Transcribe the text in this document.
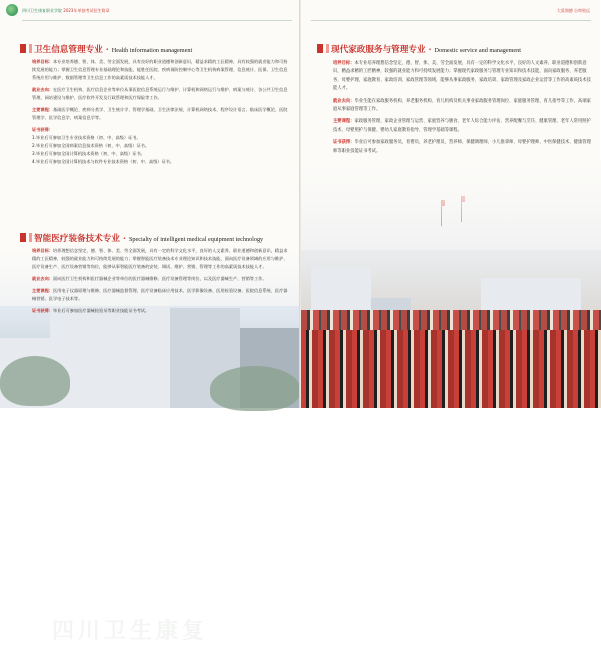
四川卫生康复职业学院 2023年单独考试招生简章
四川卫生康复
卫生信息管理专业 · Health information management

培养目标：本专业培养德、智、体、美、劳全面发展，具有良好的职业道德和创新意识，精益求精的工匠精神，具有较强的就业能力和可持续发展的能力；掌握卫生信息管理专业基础理论和技能，能胜任医院、疾病预防控制中心等卫生机构病案管理、信息统计、医保、卫生信息系统应用与维护、数据管理等卫生信息工作的高素质技术技能人才。

就业去向：在医疗卫生机构、医疗信息企业等单位从事医院信息系统运行与维护、计算机和网络运行与维护、病案与统计、各公共卫生信息管理、网站建设与维护、医疗软件开发及行政管理和医疗保险等工作。

主要课程：基础医学概论、疾病分类学、卫生统计学、管理学基础、卫生法律法规、计算机网络技术、程序设计语言、临床医学概论、医院管理学、医学信息学、病案信息学等。

证书获得：
1.毕业后可参加卫生专业技术资格（初、中、高级）证书。

2.毕业后可参加全国病案信息技术资格（初、中、高级）证书。

3.毕业后可参加全国计算机技术资格（初、中、高级）证书。

4.毕业后可参加全国计算机技术与软件专业技术资格（初、中、高级）证书。

智能医疗装备技术专业 · Specialty of intelligent medical equipment technology

培养目标：培养理想信念坚定，德、智、体、美、劳全面发展，具有一定的科学文化水平，良好的人文素养、职业道德和创新意识，精益求精的工匠精神，较强的就业能力和可持续发展的能力；掌握智能医疗装备技术专业理论知识和技术技能，面向医疗设备领域的应用与维护、医疗设备生产、医疗设备营销等岗位，能够从事智能医疗装备的安装、调试、维护、营销、管理等工作的高素质技术技能人才。

就业去向：面向医疗卫生机构和医疗器械企业等单位的医疗器械维修、医疗设备管理等岗位，以及医疗器械生产、营销等工作。

主要课程：医用电子仪器原理与维修、医疗器械监督管理、医疗设备临床应用技术、医学影像设备、医用检验设备、医院信息系统、医疗器械营销、医学电子技术等。

证书获得：毕业后可参加医疗器械检验员等职业技能证书考试。

大爱润德 自卑致远
现代家政服务与管理专业 · Domestic service and management

培养目标：本专业培养理想信念坚定，德、智、体、美、劳全面发展，具有一定的科学文化水平，良好的人文素养、职业道德和创新意识，精益求精的工匠精神，较强的就业能力和可持续发展能力；掌握现代家政服务与管理专业知识和技术技能，面向家政服务、养老服务、母婴护理、家庭教育、家政培训、家政管理等领域，能够从事家政服务、家政培训、家政管理及家政企业运营等工作的高素质技术技能人才。

就业去向：毕业生能在家政服务机构、养老服务机构、育儿机构及机关事业家政服务管理岗位、家庭服务管理、育儿指导等工作，高端家庭从事家庭管理等工作。

主要课程：家政服务管理、家政企业管理与运营、家庭营养与膳食、老年人综合能力评估、营养配餐与烹饪、健康管理、老年人常用照护技术、母婴照护与保健、婴幼儿家庭教育指导、管理学基础等课程。

证书获得：毕业后可参加家政服务员、育婴员、养老护理员、营养师、保健调理师、小儿推拿师、母婴护理师、中医保健技术、健康管理师等职业技能证书考试。
